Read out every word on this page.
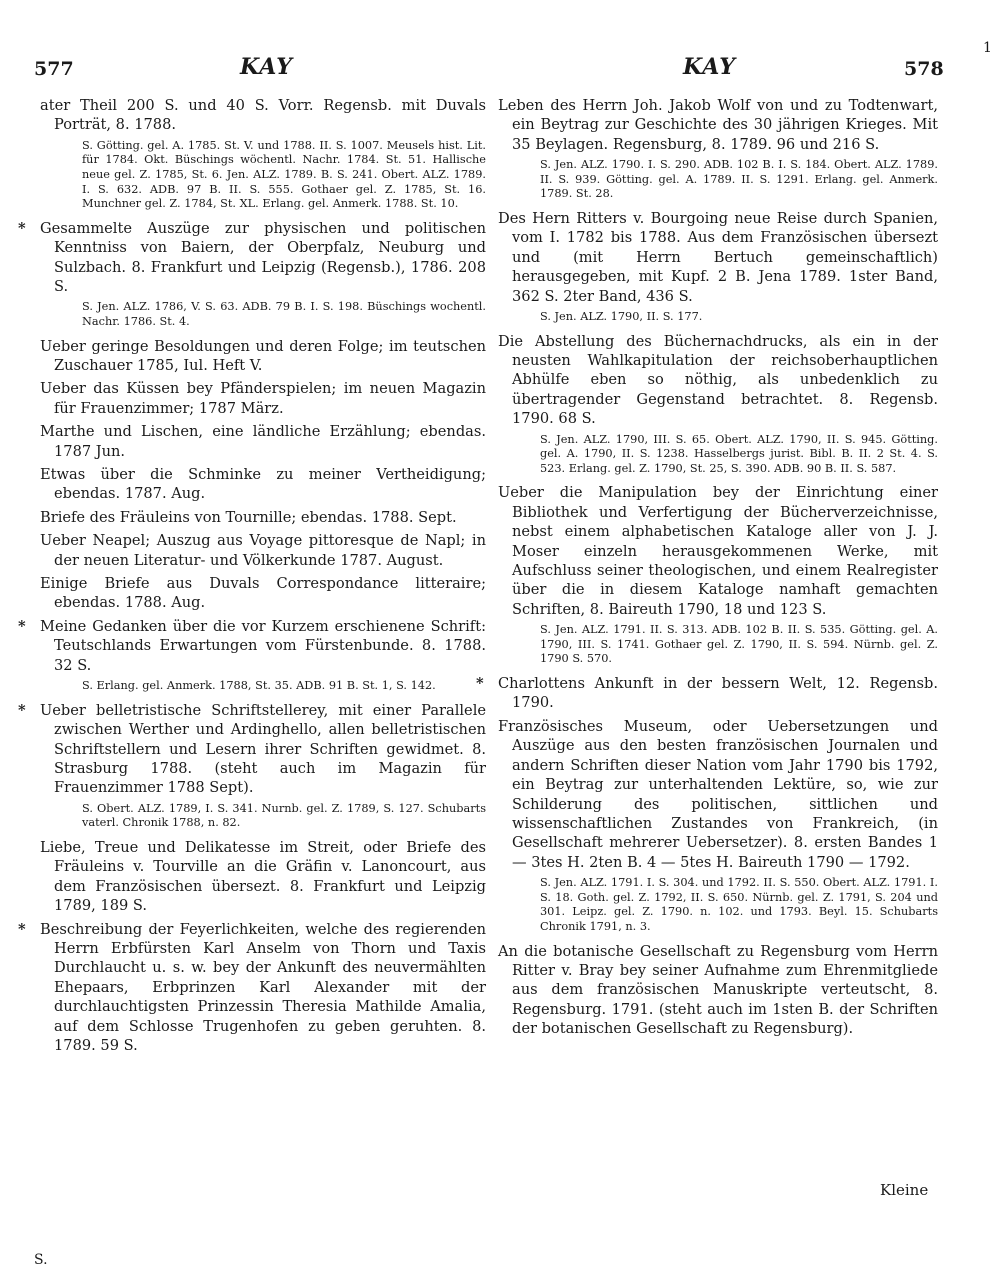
577	KAY	KAY	578
1

ater Theil 200 S. und 40 S. Vorr. Regensb. mit Duvals Porträt, 8. 1788.

S. Götting. gel. A. 1785. St. V. und 1788. II. S. 1007. Meusels hist. Lit. für 1784. Okt. Büschings wöchentl. Nachr. 1784. St. 51. Hallische neue gel. Z. 1785, St. 6. Jen. ALZ. 1789. B. S. 241. Obert. ALZ. 1789. I. S. 632. ADB. 97 B. II. S. 555. Gothaer gel. Z. 1785, St. 16. Munchner gel. Z. 1784, St. XL. Erlang. gel. Anmerk. 1788. St. 10.

* Gesammelte Auszüge zur physischen und politischen Kenntniss von Baiern, der Oberpfalz, Neuburg und Sulzbach. 8. Frankfurt und Leipzig (Regensb.), 1786. 208 S.

S. Jen. ALZ. 1786, V. S. 63. ADB. 79 B. I. S. 198. Büschings wochentl. Nachr. 1786. St. 4.

Ueber geringe Besoldungen und deren Folge; im teutschen Zuschauer 1785, Iul. Heft V.

Ueber das Küssen bey Pfänderspielen; im neuen Magazin für Frauenzimmer; 1787 März.

Marthe und Lischen, eine ländliche Erzählung; ebendas. 1787 Jun.

Etwas über die Schminke zu meiner Vertheidigung; ebendas. 1787. Aug.

Briefe des Fräuleins von Tournille; ebendas. 1788. Sept.

Ueber Neapel; Auszug aus Voyage pittoresque de Napl; in der neuen Literatur- und Völkerkunde 1787. August.

Einige Briefe aus Duvals Correspondance litteraire; ebendas. 1788. Aug.

* Meine Gedanken über die vor Kurzem erschienene Schrift: Teutschlands Erwartungen vom Fürstenbunde. 8. 1788. 32 S.

S. Erlang. gel. Anmerk. 1788, St. 35. ADB. 91 B. St. 1, S. 142.

* Ueber belletristische Schriftstellerey, mit einer Parallele zwischen Werther und Ardinghello, allen belletristischen Schriftstellern und Lesern ihrer Schriften gewidmet. 8. Strasburg 1788. (steht auch im Magazin für Frauenzimmer 1788 Sept).

S. Obert. ALZ. 1789, I. S. 341. Nurnb. gel. Z. 1789, S. 127. Schubarts vaterl. Chronik 1788, n. 82.

Liebe, Treue und Delikatesse im Streit, oder Briefe des Fräuleins v. Tourville an die Gräfin v. Lanoncourt, aus dem Französischen übersezt. 8. Frankfurt und Leipzig 1789, 189 S.

* Beschreibung der Feyerlichkeiten, welche des regierenden Herrn Erbfürsten Karl Anselm von Thorn und Taxis Durchlaucht u. s. w. bey der Ankunft des neuvermählten Ehepaars, Erbprinzen Karl Alexander mit der durchlauchtigsten Prinzessin Theresia Mathilde Amalia, auf dem Schlosse Trugenhofen zu geben geruhten. 8. 1789. 59 S.

Leben des Herrn Joh. Jakob Wolf von und zu Todtenwart, ein Beytrag zur Geschichte des 30 jährigen Krieges. Mit 35 Beylagen. Regensburg, 8. 1789. 96 und 216 S.

S. Jen. ALZ. 1790. I. S. 290. ADB. 102 B. I. S. 184. Obert. ALZ. 1789. II. S. 939. Götting. gel. A. 1789. II. S. 1291. Erlang. gel. Anmerk. 1789. St. 28.

Des Hern Ritters v. Bourgoing neue Reise durch Spanien, vom I. 1782 bis 1788. Aus dem Französischen übersezt und (mit Herrn Bertuch gemeinschaftlich) herausgegeben, mit Kupf. 2 B. Jena 1789. 1ster Band, 362 S. 2ter Band, 436 S.

S. Jen. ALZ. 1790, II. S. 177.

Die Abstellung des Büchernachdrucks, als ein in der neusten Wahlkapitulation der reichsoberhauptlichen Abhülfe eben so nöthig, als unbedenklich zu übertragender Gegenstand betrachtet. 8. Regensb. 1790. 68 S.

S. Jen. ALZ. 1790, III. S. 65. Obert. ALZ. 1790, II. S. 945. Götting. gel. A. 1790, II. S. 1238. Hasselbergs jurist. Bibl. B. II. 2 St. 4. S. 523. Erlang. gel. Z. 1790, St. 25, S. 390. ADB. 90 B. II. S. 587.

Ueber die Manipulation bey der Einrichtung einer Bibliothek und Verfertigung der Bücherverzeichnisse, nebst einem alphabetischen Kataloge aller von J. J. Moser einzeln herausgekommenen Werke, mit Aufschluss seiner theologischen, und einem Realregister über die in diesem Kataloge namhaft gemachten Schriften, 8. Baireuth 1790, 18 und 123 S.

S. Jen. ALZ. 1791. II. S. 313. ADB. 102 B. II. S. 535. Götting. gel. A. 1790, III. S. 1741. Gothaer gel. Z. 1790, II. S. 594. Nürnb. gel. Z. 1790 S. 570.

* Charlottens Ankunft in der bessern Welt, 12. Regensb. 1790.

Französisches Museum, oder Uebersetzungen und Auszüge aus den besten französischen Journalen und andern Schriften dieser Nation vom Jahr 1790 bis 1792, ein Beytrag zur unterhaltenden Lektüre, so, wie zur Schilderung des politischen, sittlichen und wissenschaftlichen Zustandes von Frankreich, (in Gesellschaft mehrerer Uebersetzer). 8. ersten Bandes 1 — 3tes H. 2ten B. 4 — 5tes H. Baireuth 1790 — 1792.

S. Jen. ALZ. 1791. I. S. 304. und 1792. II. S. 550. Obert. ALZ. 1791. I. S. 18. Goth. gel. Z. 1792, II. S. 650. Nürnb. gel. Z. 1791, S. 204 und 301. Leipz. gel. Z. 1790. n. 102. und 1793. Beyl. 15. Schubarts Chronik 1791, n. 3.

An die botanische Gesellschaft zu Regensburg vom Herrn Ritter v. Bray bey seiner Aufnahme zum Ehrenmitgliede aus dem französischen Manuskripte verteutscht, 8. Regensburg. 1791. (steht auch im 1sten B. der Schriften der botanischen Gesellschaft zu Regensburg).

Kleine
S.
